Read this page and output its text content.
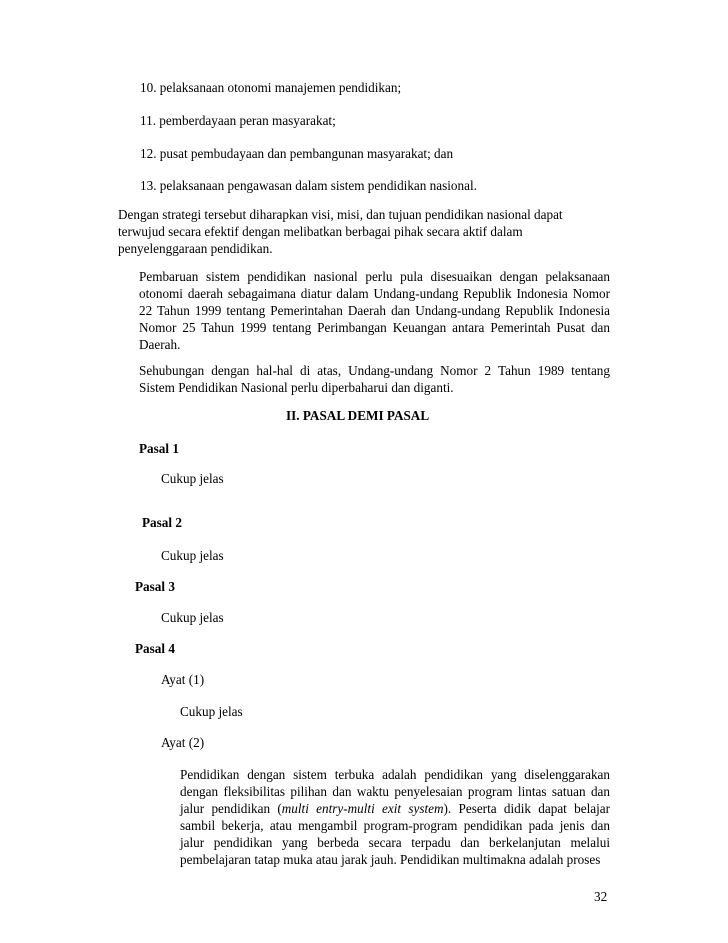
10. pelaksanaan otonomi manajemen pendidikan;
11. pemberdayaan peran masyarakat;
12. pusat pembudayaan dan pembangunan masyarakat; dan
13. pelaksanaan pengawasan dalam sistem pendidikan nasional.
Dengan strategi tersebut diharapkan visi, misi, dan tujuan pendidikan nasional dapat
terwujud secara efektif dengan melibatkan berbagai pihak secara aktif dalam
penyelenggaraan pendidikan.
Pembaruan sistem pendidikan nasional perlu pula disesuaikan dengan pelaksanaan otonomi daerah sebagaimana diatur dalam Undang-undang Republik Indonesia Nomor 22 Tahun 1999 tentang Pemerintahan Daerah dan Undang-undang Republik Indonesia Nomor 25 Tahun 1999 tentang Perimbangan Keuangan antara Pemerintah Pusat dan Daerah.
Sehubungan dengan hal-hal di atas, Undang-undang Nomor 2 Tahun 1989 tentang Sistem Pendidikan Nasional perlu diperbaharui dan diganti.
II. PASAL DEMI PASAL
Pasal 1
Cukup jelas
Pasal 2
Cukup jelas
Pasal 3
Cukup jelas
Pasal 4
Ayat (1)
Cukup jelas
Ayat (2)
Pendidikan dengan sistem terbuka adalah pendidikan yang diselenggarakan dengan fleksibilitas pilihan dan waktu penyelesaian program lintas satuan dan jalur pendidikan (multi entry-multi exit system). Peserta didik dapat belajar sambil bekerja, atau mengambil program-program pendidikan pada jenis dan jalur pendidikan yang berbeda secara terpadu dan berkelanjutan melalui pembelajaran tatap muka atau jarak jauh. Pendidikan multimakna adalah proses
32
